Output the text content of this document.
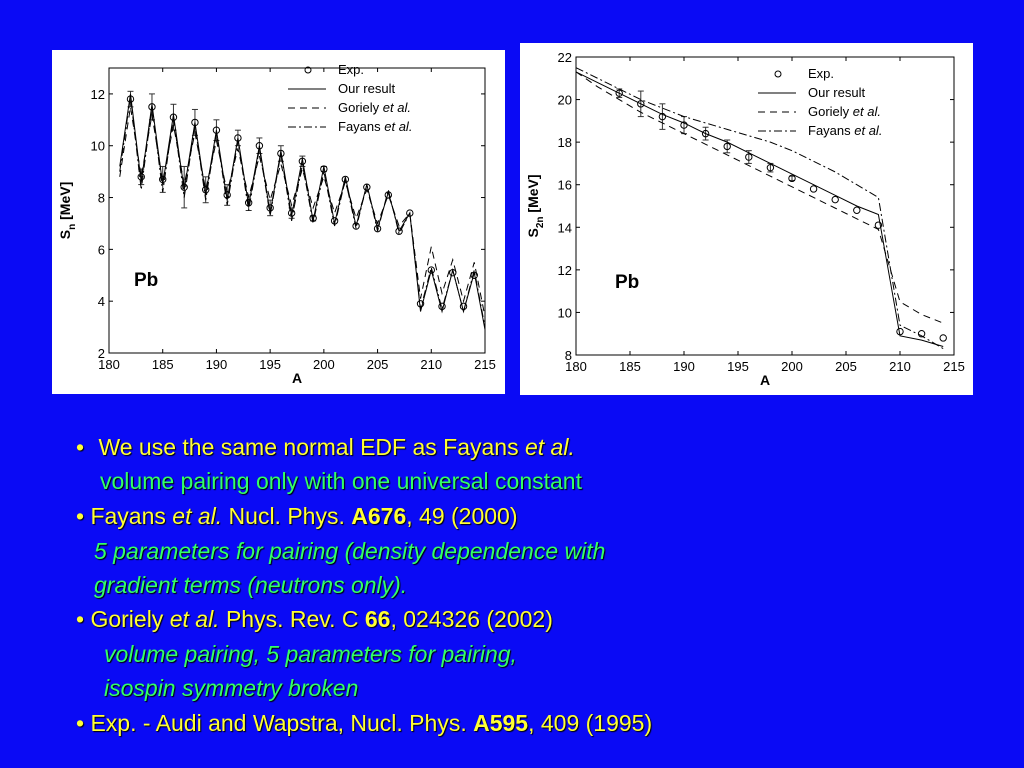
180 185 190 195 200 205 210 215
2
4
6
8
10
12
A
$S_n$ [MeV]
Pb
Exp.
Our result
Goriely et al.
Fayans et al.
180 185 190 195 200 205 210 215
8
10
12
14
16
18
20
22
A
$S_{2n}$ [MeV]
Pb
Exp.
Our result
Goriely et al.
Fayans et al.
• We use the same normal EDF as Fayans et al.
volume pairing only with one universal constant
• Fayans et al. Nucl. Phys. A676, 49 (2000)
5 parameters for pairing (density dependence with
gradient terms (neutrons only).
• Goriely et al. Phys. Rev. C 66, 024326 (2002)
volume pairing, 5 parameters for pairing,
isospin symmetry broken
• Exp. - Audi and Wapstra, Nucl. Phys. A595, 409 (1995)
